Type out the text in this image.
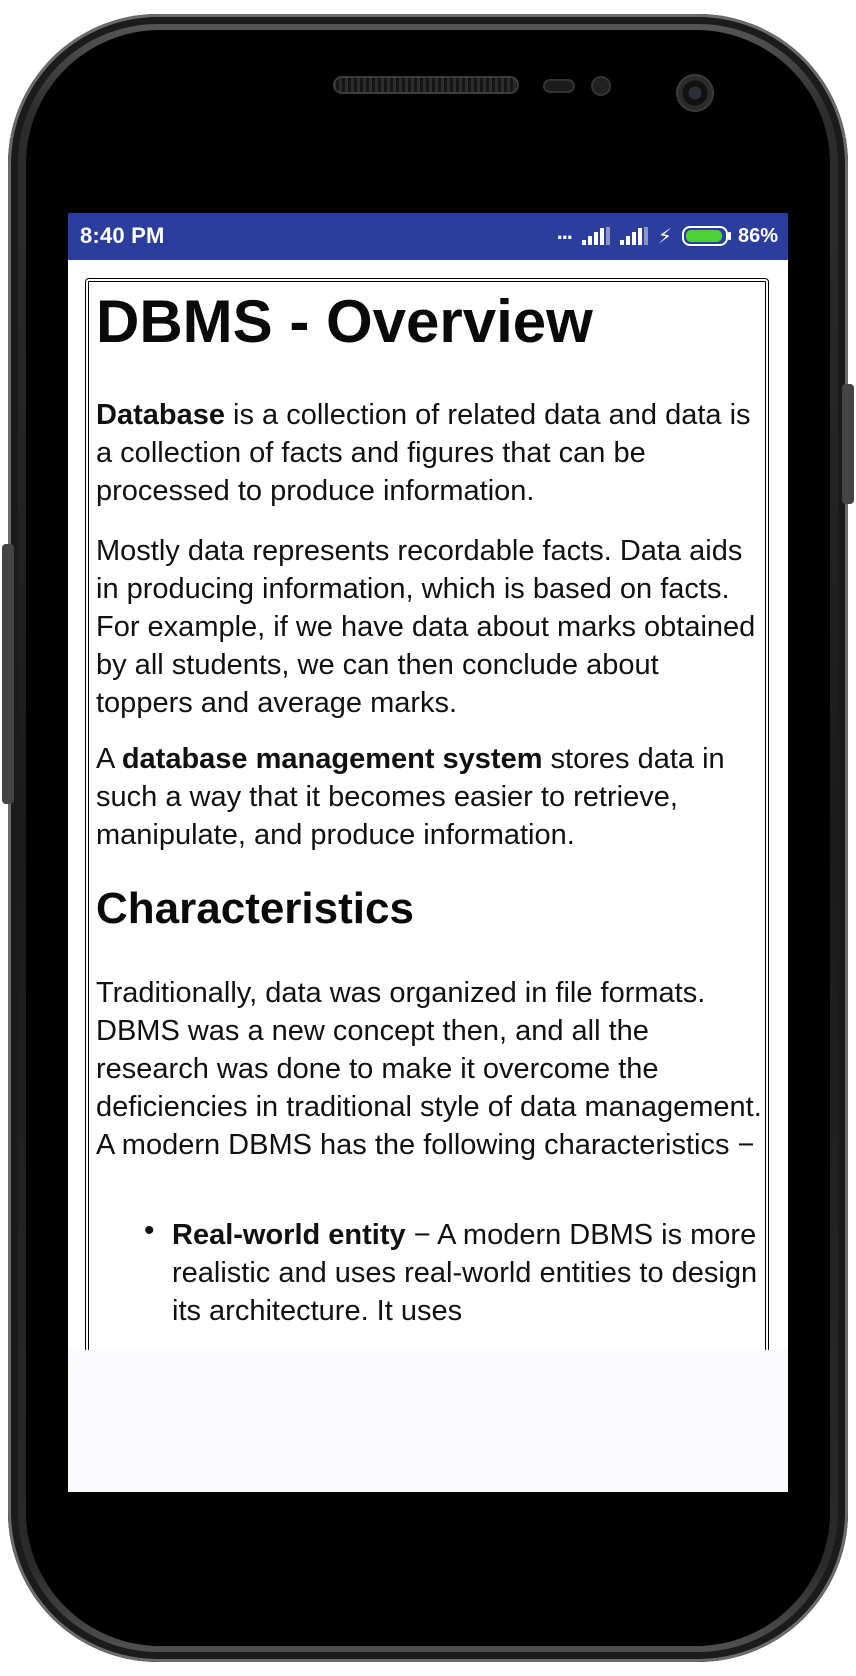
8:40 PM	...	⚡	86%
DBMS - Overview

Database is a collection of related data and data is a collection of facts and figures that can be processed to produce information.

Mostly data represents recordable facts. Data aids in producing information, which is based on facts. For example, if we have data about marks obtained by all students, we can then conclude about toppers and average marks.

A database management system stores data in such a way that it becomes easier to retrieve, manipulate, and produce information.

Characteristics

Traditionally, data was organized in file formats. DBMS was a new concept then, and all the research was done to make it overcome the deficiencies in traditional style of data management. A modern DBMS has the following characteristics −

• Real-world entity − A modern DBMS is more realistic and uses real-world entities to design its architecture. It uses
